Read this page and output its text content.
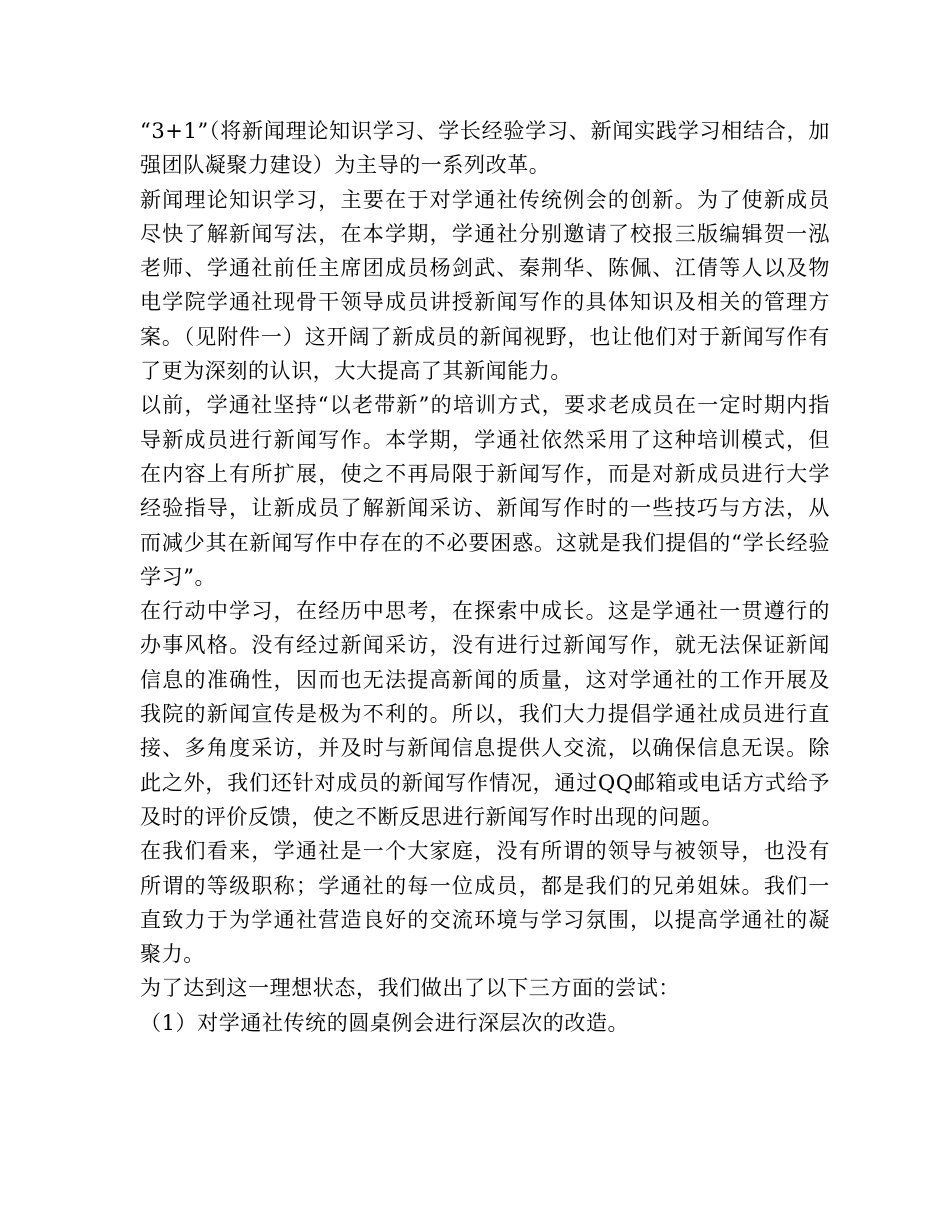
“3+1”（将新闻理论知识学习、学长经验学习、新闻实践学习相结合，加强团队凝聚力建设）为主导的一系列改革。

新闻理论知识学习，主要在于对学通社传统例会的创新。为了使新成员尽快了解新闻写法，在本学期，学通社分别邀请了校报三版编辑贺一泓老师、学通社前任主席团成员杨剑武、秦荆华、陈佩、江倩等人以及物电学院学通社现骨干领导成员讲授新闻写作的具体知识及相关的管理方案。（见附件一）这开阔了新成员的新闻视野，也让他们对于新闻写作有了更为深刻的认识，大大提高了其新闻能力。

以前，学通社坚持“以老带新”的培训方式，要求老成员在一定时期内指导新成员进行新闻写作。本学期，学通社依然采用了这种培训模式，但在内容上有所扩展，使之不再局限于新闻写作，而是对新成员进行大学经验指导，让新成员了解新闻采访、新闻写作时的一些技巧与方法，从而减少其在新闻写作中存在的不必要困惑。这就是我们提倡的“学长经验学习”。

在行动中学习，在经历中思考，在探索中成长。这是学通社一贯遵行的办事风格。没有经过新闻采访，没有进行过新闻写作，就无法保证新闻信息的准确性，因而也无法提高新闻的质量，这对学通社的工作开展及我院的新闻宣传是极为不利的。所以，我们大力提倡学通社成员进行直接、多角度采访，并及时与新闻信息提供人交流，以确保信息无误。除此之外，我们还针对成员的新闻写作情况，通过QQ邮箱或电话方式给予及时的评价反馈，使之不断反思进行新闻写作时出现的问题。

在我们看来，学通社是一个大家庭，没有所谓的领导与被领导，也没有所谓的等级职称；学通社的每一位成员，都是我们的兄弟姐妹。我们一直致力于为学通社营造良好的交流环境与学习氛围，以提高学通社的凝聚力。

为了达到这一理想状态，我们做出了以下三方面的尝试：

（1）对学通社传统的圆桌例会进行深层次的改造。
